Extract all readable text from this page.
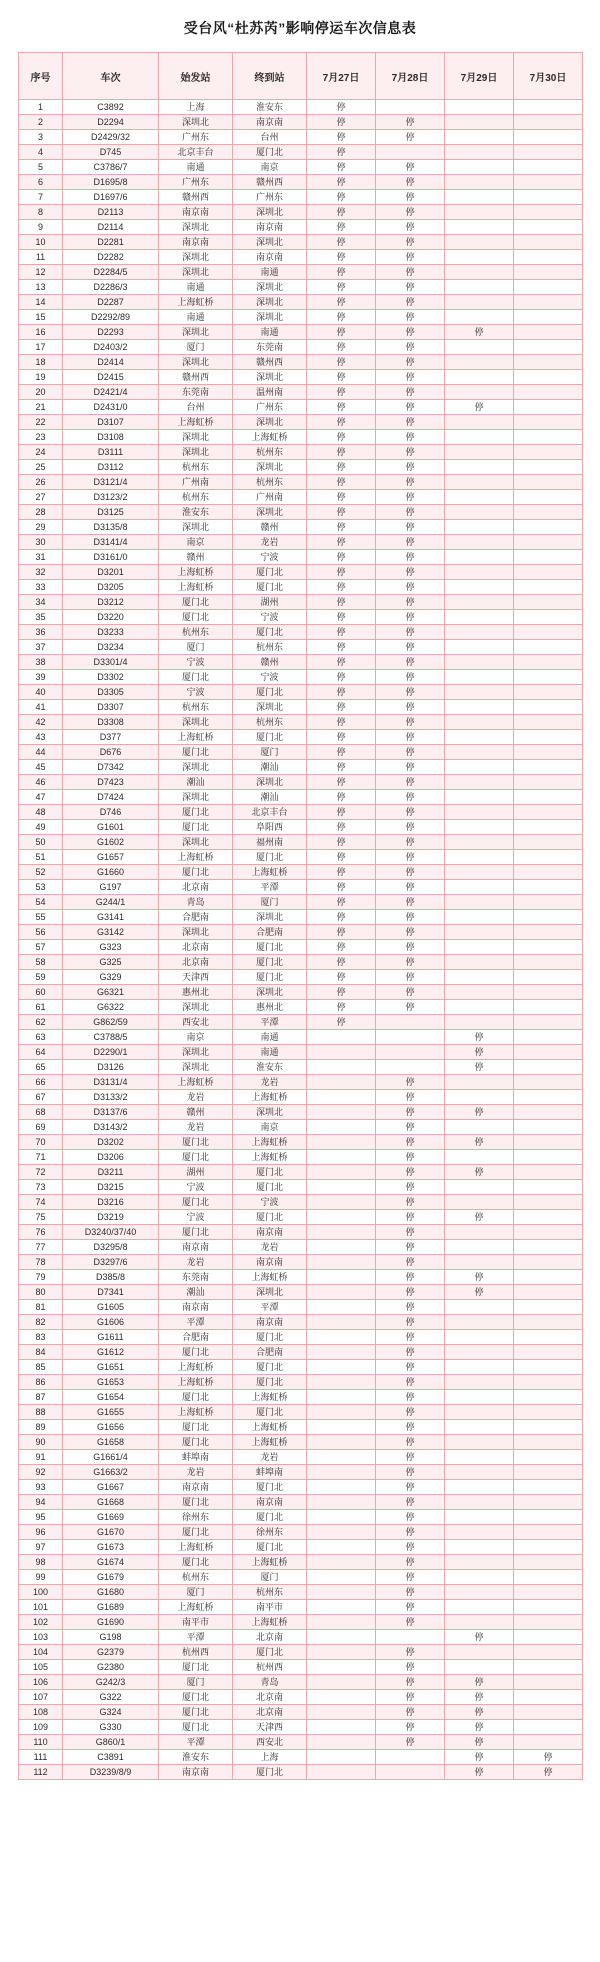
受台风“杜苏芮”影响停运车次信息表
序号	车次	始发站	终到站	7月27日	7月28日	7月29日	7月30日
1	C3892	上海	淮安东	停			
2	D2294	深圳北	南京南	停	停		
3	D2429/32	广州东	台州	停	停		
4	D745	北京丰台	厦门北	停			
5	C3786/7	南通	南京	停	停		
6	D1695/8	广州东	赣州西	停	停		
7	D1697/6	赣州西	广州东	停	停		
8	D2113	南京南	深圳北	停	停		
9	D2114	深圳北	南京南	停	停		
10	D2281	南京南	深圳北	停	停		
11	D2282	深圳北	南京南	停	停		
12	D2284/5	深圳北	南通	停	停		
13	D2286/3	南通	深圳北	停	停		
14	D2287	上海虹桥	深圳北	停	停		
15	D2292/89	南通	深圳北	停	停		
16	D2293	深圳北	南通	停	停	停	
17	D2403/2	厦门	东莞南	停	停		
18	D2414	深圳北	赣州西	停	停		
19	D2415	赣州西	深圳北	停	停		
20	D2421/4	东莞南	温州南	停	停		
21	D2431/0	台州	广州东	停	停	停	
22	D3107	上海虹桥	深圳北	停	停		
23	D3108	深圳北	上海虹桥	停	停		
24	D3111	深圳北	杭州东	停	停		
25	D3112	杭州东	深圳北	停	停		
26	D3121/4	广州南	杭州东	停	停		
27	D3123/2	杭州东	广州南	停	停		
28	D3125	淮安东	深圳北	停	停		
29	D3135/8	深圳北	赣州	停	停		
30	D3141/4	南京	龙岩	停	停		
31	D3161/0	赣州	宁波	停	停		
32	D3201	上海虹桥	厦门北	停	停		
33	D3205	上海虹桥	厦门北	停	停		
34	D3212	厦门北	湖州	停	停		
35	D3220	厦门北	宁波	停	停		
36	D3233	杭州东	厦门北	停	停		
37	D3234	厦门	杭州东	停	停		
38	D3301/4	宁波	赣州	停	停		
39	D3302	厦门北	宁波	停	停		
40	D3305	宁波	厦门北	停	停		
41	D3307	杭州东	深圳北	停	停		
42	D3308	深圳北	杭州东	停	停		
43	D377	上海虹桥	厦门北	停	停		
44	D676	厦门北	厦门	停	停		
45	D7342	深圳北	潮汕	停	停		
46	D7423	潮汕	深圳北	停	停		
47	D7424	深圳北	潮汕	停	停		
48	D746	厦门北	北京丰台	停	停		
49	G1601	厦门北	阜阳西	停	停		
50	G1602	深圳北	福州南	停	停		
51	G1657	上海虹桥	厦门北	停	停		
52	G1660	厦门北	上海虹桥	停	停		
53	G197	北京南	平潭	停	停		
54	G244/1	青岛	厦门	停	停		
55	G3141	合肥南	深圳北	停	停		
56	G3142	深圳北	合肥南	停	停		
57	G323	北京南	厦门北	停	停		
58	G325	北京南	厦门北	停	停		
59	G329	天津西	厦门北	停	停		
60	G6321	惠州北	深圳北	停	停		
61	G6322	深圳北	惠州北	停	停		
62	G862/59	西安北	平潭	停			
63	C3788/5	南京	南通			停	
64	D2290/1	深圳北	南通			停	
65	D3126	深圳北	淮安东			停	
66	D3131/4	上海虹桥	龙岩		停		
67	D3133/2	龙岩	上海虹桥		停		
68	D3137/6	赣州	深圳北		停	停	
69	D3143/2	龙岩	南京		停		
70	D3202	厦门北	上海虹桥		停	停	
71	D3206	厦门北	上海虹桥		停		
72	D3211	湖州	厦门北		停	停	
73	D3215	宁波	厦门北		停		
74	D3216	厦门北	宁波		停		
75	D3219	宁波	厦门北		停	停	
76	D3240/37/40	厦门北	南京南		停		
77	D3295/8	南京南	龙岩		停		
78	D3297/6	龙岩	南京南		停		
79	D385/8	东莞南	上海虹桥		停	停	
80	D7341	潮汕	深圳北		停	停	
81	G1605	南京南	平潭		停		
82	G1606	平潭	南京南		停		
83	G1611	合肥南	厦门北		停		
84	G1612	厦门北	合肥南		停		
85	G1651	上海虹桥	厦门北		停		
86	G1653	上海虹桥	厦门北		停		
87	G1654	厦门北	上海虹桥		停		
88	G1655	上海虹桥	厦门北		停		
89	G1656	厦门北	上海虹桥		停		
90	G1658	厦门北	上海虹桥		停		
91	G1661/4	蚌埠南	龙岩		停		
92	G1663/2	龙岩	蚌埠南		停		
93	G1667	南京南	厦门北		停		
94	G1668	厦门北	南京南		停		
95	G1669	徐州东	厦门北		停		
96	G1670	厦门北	徐州东		停		
97	G1673	上海虹桥	厦门北		停		
98	G1674	厦门北	上海虹桥		停		
99	G1679	杭州东	厦门		停		
100	G1680	厦门	杭州东		停		
101	G1689	上海虹桥	南平市		停		
102	G1690	南平市	上海虹桥		停		
103	G198	平潭	北京南			停	
104	G2379	杭州西	厦门北		停		
105	G2380	厦门北	杭州西		停		
106	G242/3	厦门	青岛		停	停	
107	G322	厦门北	北京南		停	停	
108	G324	厦门北	北京南		停	停	
109	G330	厦门北	天津西		停	停	
110	G860/1	平潭	西安北		停	停	
111	C3891	淮安东	上海			停	停
112	D3239/8/9	南京南	厦门北			停	停
